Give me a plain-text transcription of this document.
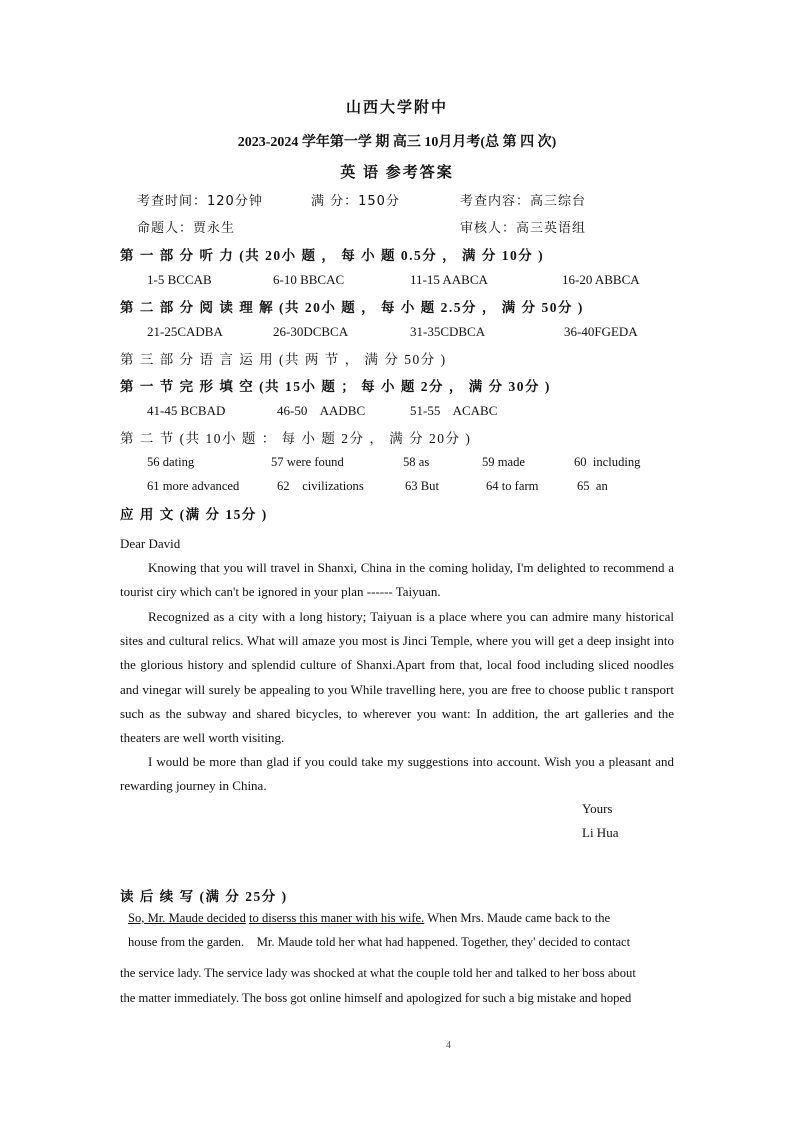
山西大学附中
2023-2024 学年第一学 期 高三 10月月考(总 第 四 次)
英 语 参考答案
考查时间：120分钟	满 分：150分	考查内容：高三综台
命题人：贾永生	审核人：高三英语组
第 一 部 分 听 力 (共 20小 题 ， 每 小 题 0.5分 ， 满 分 10分 )
1-5 BCCAB	6-10 BBCAC	11-15 AABCA	16-20 ABBCA
第 二 部 分 阅 读 理 解 (共 20小 题 ， 每 小 题 2.5分 ， 满 分 50分 )
21-25CADBA	26-30DCBCA	31-35CDBCA	36-40FGEDA
第 三 部 分 语 言 运 用 (共 两 节 ， 满 分 50分 )
第 一 节 完 形 填 空 (共 15小 题 ； 每 小 题 2分 ， 满 分 30分 )
41-45 BCBAD	46-50    AADBC	51-55    ACABC
第 二 节 (共 10小 题 ： 每 小 题 2分 ， 满 分 20分 )
56 dating	57 were found	58 as	59 made	60  including
61 more advanced	62    civilizations	63 But	64 to farm	65  an
应 用 文 (满 分 15分 )
Dear David
Knowing that you will travel in Shanxi, China in the coming holiday, I'm delighted to recommend a tourist ciry which can't be ignored in your plan ------ Taiyuan.
Recognized as a city with a long history; Taiyuan is a place where you can admire many historical sites and cultural relics. What will amaze you most is Jinci Temple, where you will get a deep insight into the glorious history and splendid culture of Shanxi.Apart from that, local food including sliced noodles and vinegar will surely be appealing to you While travelling here, you are free to choose public t ransport such as the subway and shared bicycles, to wherever you want: In addition, the art galleries and the theaters are well worth visiting.
I would be more than glad if you could take my suggestions into account. Wish you a pleasant and rewarding journey in China.
Yours
Li Hua
读 后 续 写 (满 分 25分 )
So, Mr. Maude decided to diserss this maner with his wife. When Mrs. Maude came back to the
house from the garden.    Mr. Maude told her what had happened. Together, they' decided to contact
the service lady. The service lady was shocked at what the couple told her and talked to her boss about
the matter immediately. The boss got online himself and apologized for such a big mistake and hoped
4
